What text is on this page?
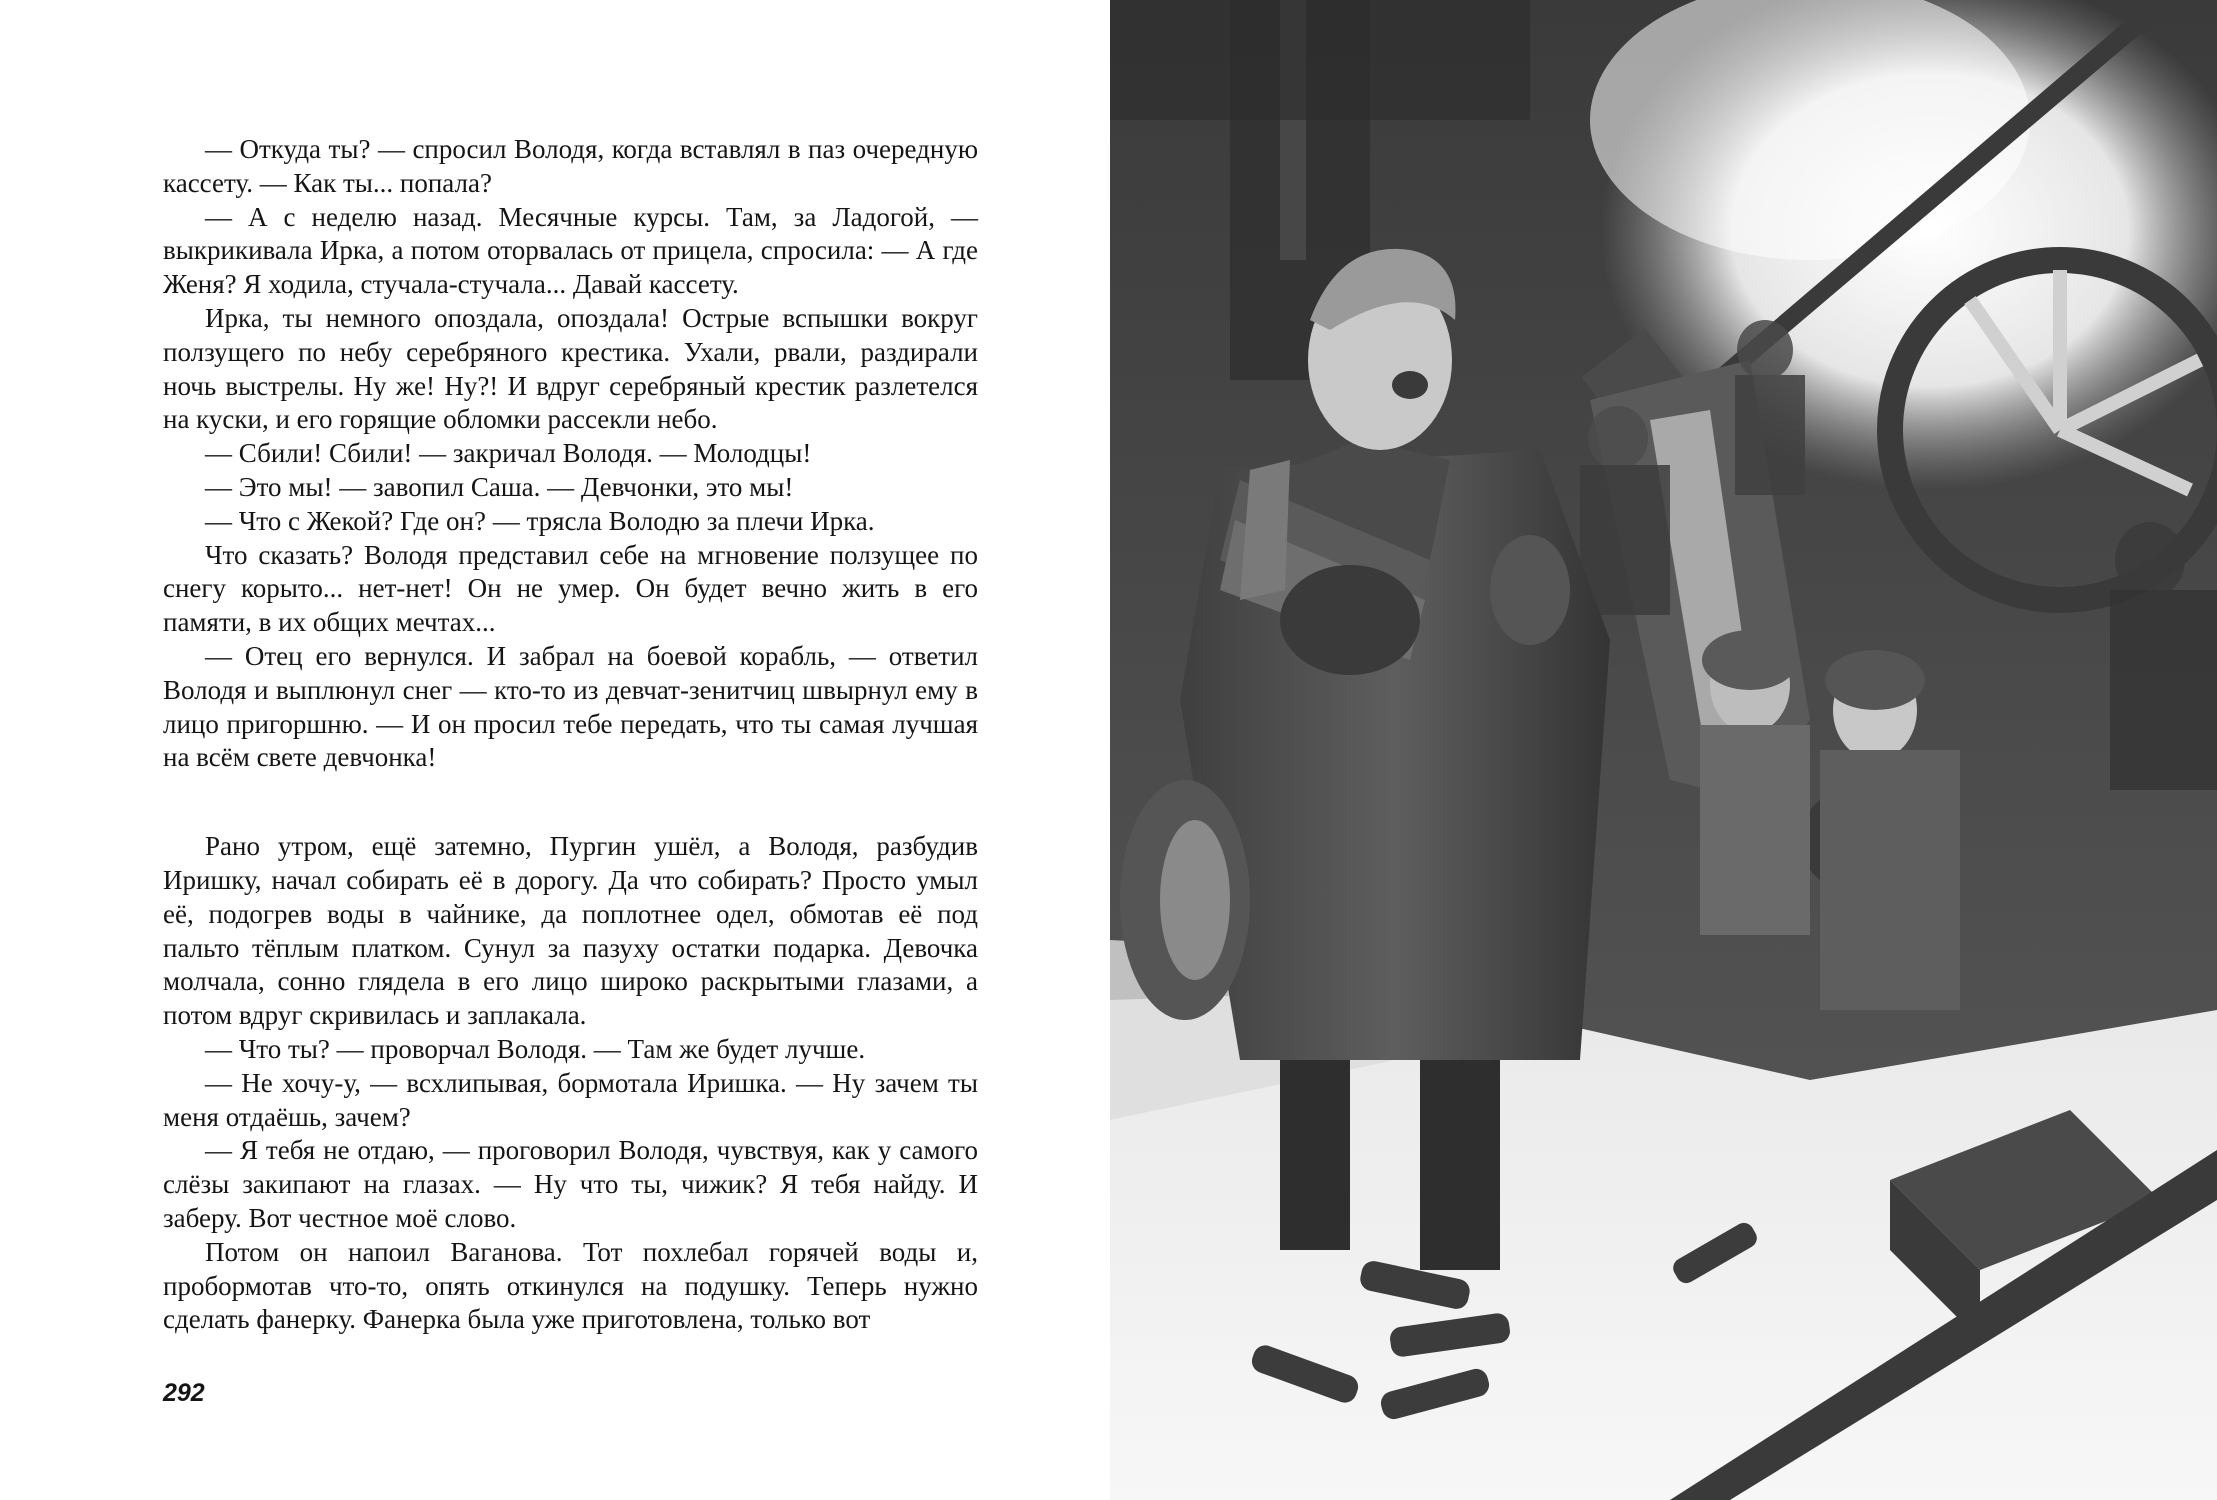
— Откуда ты? — спросил Володя, когда вставлял в паз очередную кассету. — Как ты... попала?

— А с неделю назад. Месячные курсы. Там, за Ладогой, — выкрикивала Ирка, а потом оторвалась от прицела, спросила: — А где Женя? Я ходила, стучала-стучала... Давай кассету.

Ирка, ты немного опоздала, опоздала! Острые вспышки вокруг ползущего по небу серебряного крестика. Ухали, рвали, раздирали ночь выстрелы. Ну же! Ну?! И вдруг серебряный крестик разлетелся на куски, и его горящие обломки рассекли небо.

— Сбили! Сбили! — закричал Володя. — Молодцы!

— Это мы! — завопил Саша. — Девчонки, это мы!

— Что с Жекой? Где он? — трясла Володю за плечи Ирка.

Что сказать? Володя представил себе на мгновение ползущее по снегу корыто... нет-нет! Он не умер. Он будет вечно жить в его памяти, в их общих мечтах...

— Отец его вернулся. И забрал на боевой корабль, — ответил Володя и выплюнул снег — кто-то из девчат-зенитчиц швырнул ему в лицо пригоршню. — И он просил тебе передать, что ты самая лучшая на всём свете девчонка!

Рано утром, ещё затемно, Пургин ушёл, а Володя, разбудив Иришку, начал собирать её в дорогу. Да что собирать? Просто умыл её, подогрев воды в чайнике, да поплотнее одел, обмотав её под пальто тёплым платком. Сунул за пазуху остатки подарка. Девочка молчала, сонно глядела в его лицо широко раскрытыми глазами, а потом вдруг скривилась и заплакала.

— Что ты? — проворчал Володя. — Там же будет лучше.

— Не хочу-у, — всхлипывая, бормотала Иришка. — Ну зачем ты меня отдаёшь, зачем?

— Я тебя не отдаю, — проговорил Володя, чувствуя, как у самого слёзы закипают на глазах. — Ну что ты, чижик? Я тебя найду. И заберу. Вот честное моё слово.

Потом он напоил Ваганова. Тот похлебал горячей воды и, пробормотав что-то, опять откинулся на подушку. Теперь нужно сделать фанерку. Фанерка была уже приготовлена, только вот

292
